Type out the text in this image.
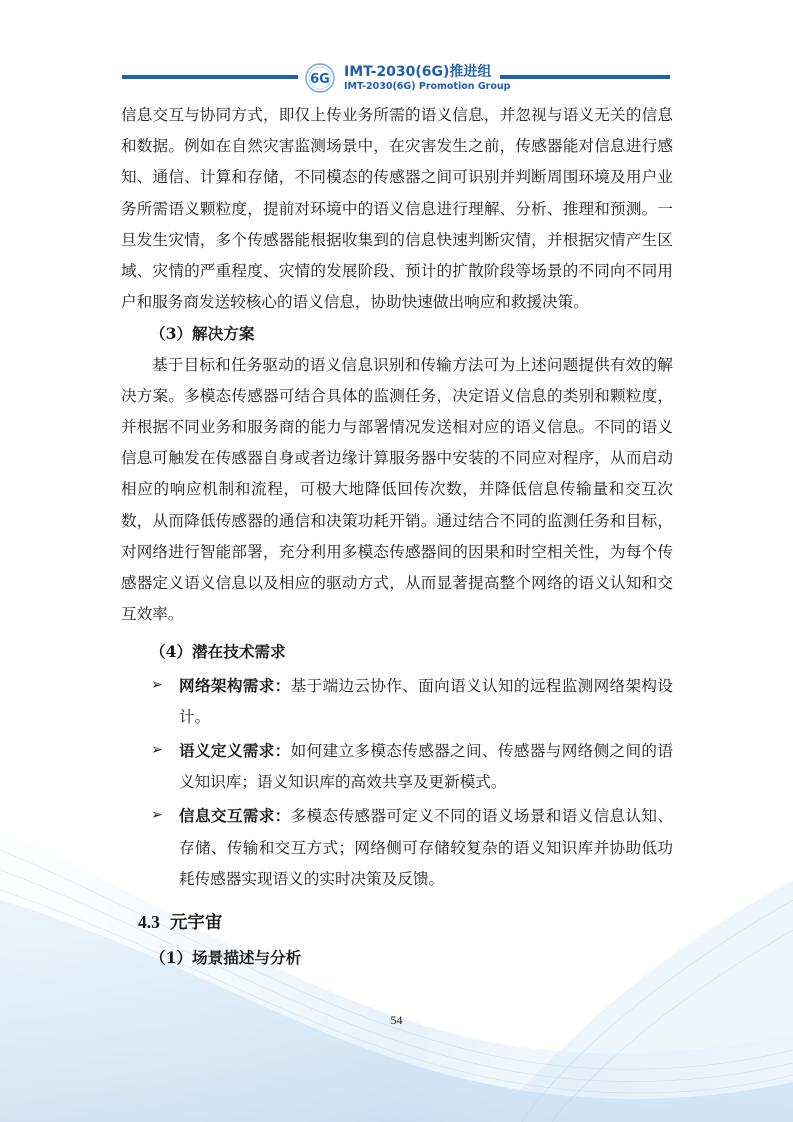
6G IMT-2030(6G)推进组
IMT-2030(6G) Promotion Group

信息交互与协同方式，即仅上传业务所需的语义信息，并忽视与语义无关的信息和数据。例如在自然灾害监测场景中，在灾害发生之前，传感器能对信息进行感知、通信、计算和存储，不同模态的传感器之间可识别并判断周围环境及用户业务所需语义颗粒度，提前对环境中的语义信息进行理解、分析、推理和预测。一旦发生灾情，多个传感器能根据收集到的信息快速判断灾情，并根据灾情产生区域、灾情的严重程度、灾情的发展阶段、预计的扩散阶段等场景的不同向不同用户和服务商发送较核心的语义信息，协助快速做出响应和救援决策。

（3）解决方案

基于目标和任务驱动的语义信息识别和传输方法可为上述问题提供有效的解决方案。多模态传感器可结合具体的监测任务，决定语义信息的类别和颗粒度，并根据不同业务和服务商的能力与部署情况发送相对应的语义信息。不同的语义信息可触发在传感器自身或者边缘计算服务器中安装的不同应对程序，从而启动相应的响应机制和流程，可极大地降低回传次数，并降低信息传输量和交互次数，从而降低传感器的通信和决策功耗开销。通过结合不同的监测任务和目标，对网络进行智能部署，充分利用多模态传感器间的因果和时空相关性，为每个传感器定义语义信息以及相应的驱动方式，从而显著提高整个网络的语义认知和交互效率。

（4）潜在技术需求

➢ 网络架构需求：基于端边云协作、面向语义认知的远程监测网络架构设计。
➢ 语义定义需求：如何建立多模态传感器之间、传感器与网络侧之间的语义知识库；语义知识库的高效共享及更新模式。
➢ 信息交互需求：多模态传感器可定义不同的语义场景和语义信息认知、存储、传输和交互方式；网络侧可存储较复杂的语义知识库并协助低功耗传感器实现语义的实时决策及反馈。

4.3 元宇宙

（1）场景描述与分析

54
